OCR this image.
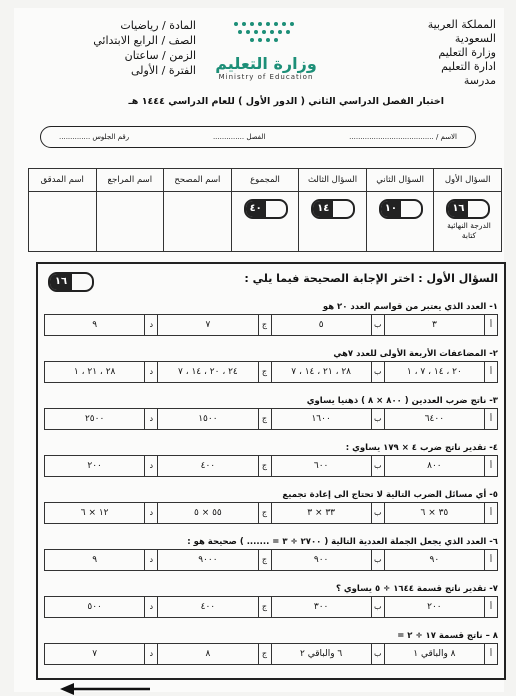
المملكة العربية
السعودية
وزارة التعليم
ادارة التعليم
مدرسة
وزارة التعليم
Ministry of Education
المادة / رياضيات
الصف / الرابع الابتدائي
الزمن / ساعتان
الفترة / الأولى
اختبار الفصل الدراسي الثاني ( الدور الأول ) للعام الدراسي ١٤٤٤ هـ
الاسم / ......................................
الفصل ..............
رقم الجلوس ..............
السؤال الأول
١٦
الدرجة النهائية كتابة
السؤال الثاني
١٠
السؤال الثالث
١٤
المجموع
٤٠
اسم المصحح
اسم المراجع
اسم المدقق
السؤال الأول : اختر الإجابة الصحيحة فيما يلي :
١٦
١- العدد الذي يعتبر من قواسم العدد ٢٠ هو
أ
٣
ب
٥
ج
٧
د
٩
٢- المضاعفات الأربعة الأولى للعدد ٧هي
أ
٢٠ ، ١٤ ، ٧ ، ١
ب
٢٨ ، ٢١ ، ١٤ ، ٧
ج
٢٤ ، ٢٠ ، ١٤ ، ٧
د
٢٨ ، ٢١ ، ١
٣- ناتج ضرب العددين ( ٨٠٠ × ٨ ) ذهنيا يساوي
أ
٦٤٠٠
ب
١٦٠٠
ج
١٥٠٠
د
٢٥٠٠
٤- تقدير ناتج ضرب ٤ × ١٧٩ يساوي :
أ
٨٠٠
ب
٦٠٠
ج
٤٠٠
د
٢٠٠
٥- أي مسائل الضرب التالية لا تحتاج الى إعادة تجميع
أ
٣٥ × ٦
ب
٣٣ × ٣
ج
٥٥ × ٥
د
١٢ × ٦
٦- العدد الذي يجعل الجملة العددية التالية ( ٢٧٠٠ ÷ ٣ = ....... ) صحيحة هو :
أ
٩٠
ب
٩٠٠
ج
٩٠٠٠
د
٩
٧- تقدير ناتج قسمة ١٦٤٤ ÷ ٥ يساوي ؟
أ
٢٠٠
ب
٣٠٠
ج
٤٠٠
د
٥٠٠
٨ – ناتج قسمة ١٧ ÷ ٢ =
أ
٨ والباقي ١
ب
٦ والباقي ٢
ج
٨
د
٧
